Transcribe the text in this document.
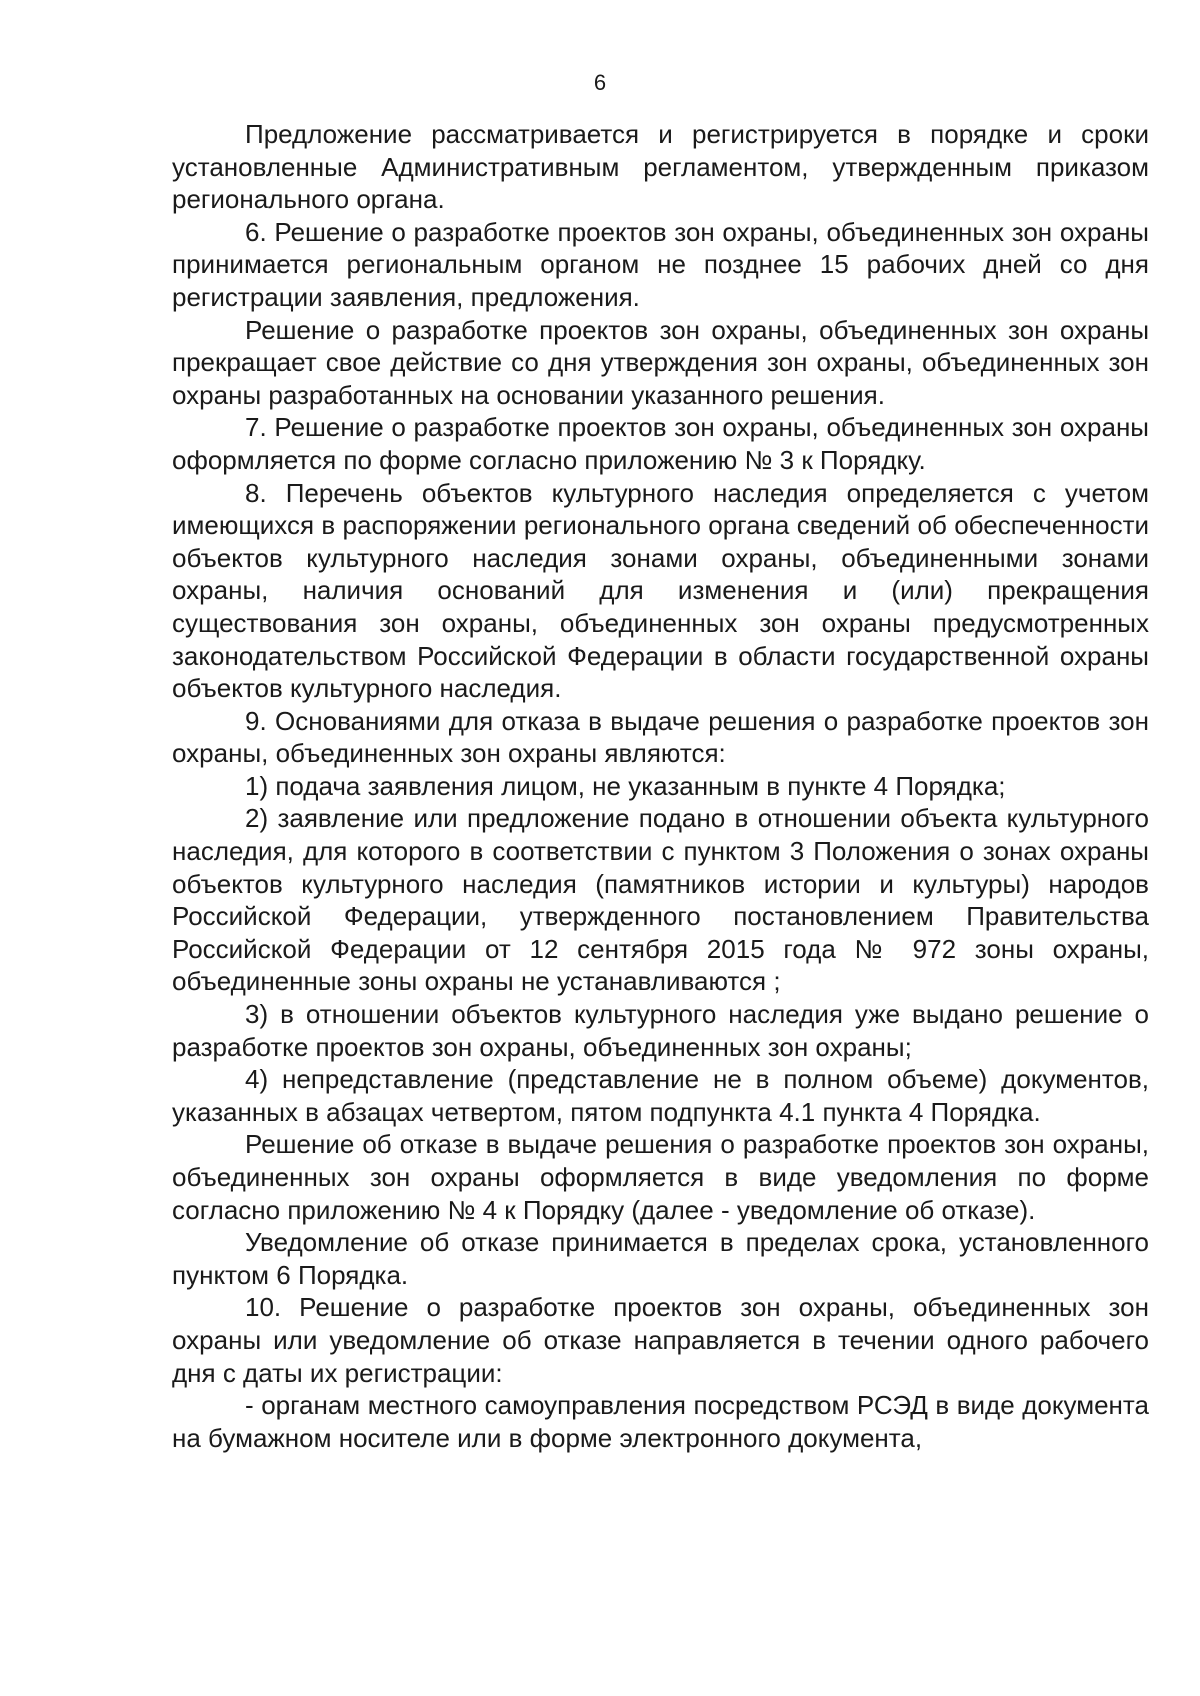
6

Предложение рассматривается и регистрируется в порядке и сроки установленные Административным регламентом, утвержденным приказом регионального органа.

6. Решение о разработке проектов зон охраны, объединенных зон охраны принимается региональным органом не позднее 15 рабочих дней со дня регистрации заявления, предложения.

Решение о разработке проектов зон охраны, объединенных зон охраны прекращает свое действие со дня утверждения зон охраны, объединенных зон охраны разработанных на основании указанного решения.

7. Решение о разработке проектов зон охраны, объединенных зон охраны оформляется по форме согласно приложению № 3 к Порядку.

8. Перечень объектов культурного наследия определяется с учетом имеющихся в распоряжении регионального органа сведений об обеспеченности объектов культурного наследия зонами охраны, объединенными зонами охраны, наличия оснований для изменения и (или) прекращения существования зон охраны, объединенных зон охраны предусмотренных законодательством Российской Федерации в области государственной охраны объектов культурного наследия.

9. Основаниями для отказа в выдаче решения о разработке проектов зон охраны, объединенных зон охраны являются:

1) подача заявления лицом, не указанным в пункте 4 Порядка;

2) заявление или предложение подано в отношении объекта культурного наследия, для которого в соответствии с пунктом 3 Положения о зонах охраны объектов культурного наследия (памятников истории и культуры) народов Российской Федерации, утвержденного постановлением Правительства Российской Федерации от 12 сентября 2015 года № 972 зоны охраны, объединенные зоны охраны не устанавливаются ;

3) в отношении объектов культурного наследия уже выдано решение о разработке проектов зон охраны, объединенных зон охраны;

4) непредставление (представление не в полном объеме) документов, указанных в абзацах четвертом, пятом подпункта 4.1 пункта 4 Порядка.

Решение об отказе в выдаче решения о разработке проектов зон охраны, объединенных зон охраны оформляется в виде уведомления по форме согласно приложению № 4 к Порядку (далее - уведомление об отказе).

Уведомление об отказе принимается в пределах срока, установленного пунктом 6 Порядка.

10. Решение о разработке проектов зон охраны, объединенных зон охраны или уведомление об отказе направляется в течении одного рабочего дня с даты их регистрации:

- органам местного самоуправления посредством РСЭД в виде документа на бумажном носителе или в форме электронного документа,
